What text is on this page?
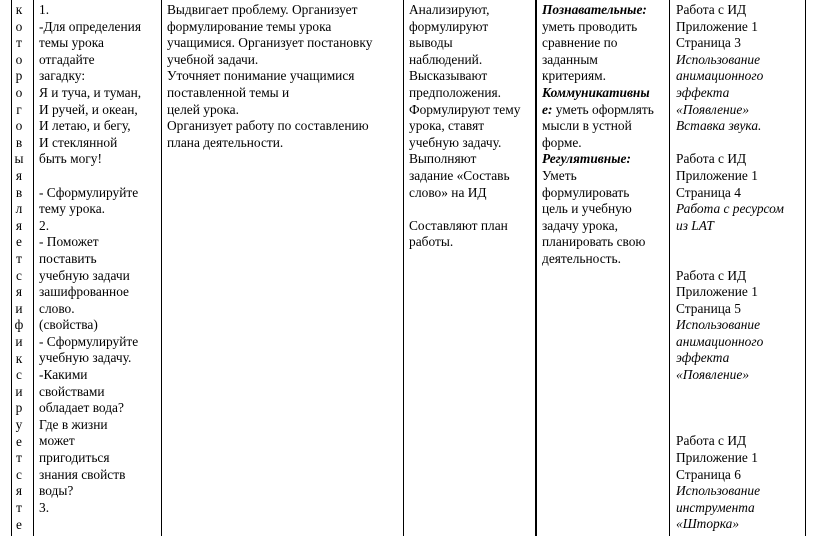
к
о
т
о
р
о
г
о
в
ы
я
в
л
я
е
т
с
я
и
ф
и
к
с
и
р
у
е
т
с
я
т
е
1.
-Для определения
темы урока
отгадайте
загадку:
Я и туча, и туман,
И ручей, и океан,
И летаю, и бегу,
И стеклянной
быть могу!
- Сформулируйте
тему урока.
2.
- Поможет
поставить
учебную задачи
зашифрованное
слово.
(свойства)
- Сформулируйте
учебную задачу.
-Какими
свойствами
обладает вода?
Где в жизни
может
пригодиться
знания свойств
воды?
3.
Выдвигает проблему. Организует
формулирование темы урока
учащимися. Организует постановку
учебной задачи.
Уточняет понимание учащимися
поставленной темы и
целей урока.
Организует работу по составлению
плана деятельности.
Анализируют,
формулируют
выводы
наблюдений.
Высказывают
предположения.
Формулируют тему
урока, ставят
учебную задачу.
Выполняют
задание «Составь
слово» на ИД
Составляют план
работы.
Познавательные:
уметь проводить
сравнение по
заданным
критериям.
Коммуникативны
е: уметь оформлять
мысли в устной
форме.
Регулятивные:
Уметь
формулировать
цель и учебную
задачу урока,
планировать свою
деятельность.
Работа с ИД
Приложение 1
Страница 3
Использование
анимационного
эффекта
«Появление»
Вставка звука.
Работа с ИД
Приложение 1
Страница 4
Работа с ресурсом
из LAT
Работа с ИД
Приложение 1
Страница 5
Использование
анимационного
эффекта
«Появление»
Работа с ИД
Приложение 1
Страница 6
Использование
инструмента
«Шторка»
